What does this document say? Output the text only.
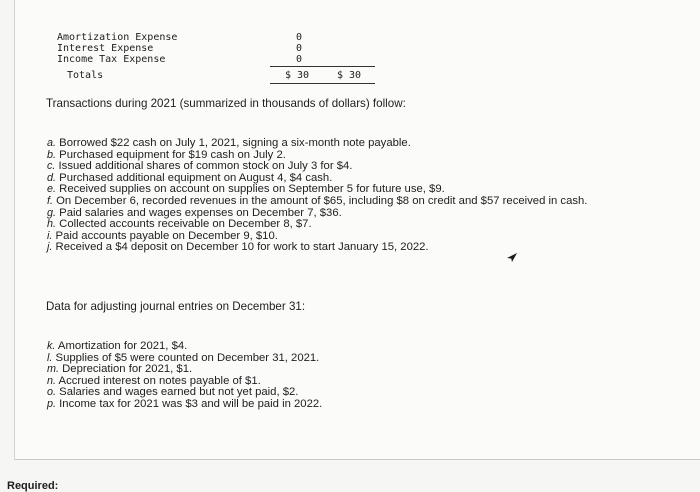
Amortization Expense	0
Interest Expense	0
Income Tax Expense	0
Totals	$ 30	$ 30
Transactions during 2021 (summarized in thousands of dollars) follow:
a. Borrowed $22 cash on July 1, 2021, signing a six-month note payable.
b. Purchased equipment for $19 cash on July 2.
c. Issued additional shares of common stock on July 3 for $4.
d. Purchased additional equipment on August 4, $4 cash.
e. Received supplies on account on supplies on September 5 for future use, $9.
f. On December 6, recorded revenues in the amount of $65, including $8 on credit and $57 received in cash.
g. Paid salaries and wages expenses on December 7, $36.
h. Collected accounts receivable on December 8, $7.
i. Paid accounts payable on December 9, $10.
j. Received a $4 deposit on December 10 for work to start January 15, 2022.
Data for adjusting journal entries on December 31:
k. Amortization for 2021, $4.
l. Supplies of $5 were counted on December 31, 2021.
m. Depreciation for 2021, $1.
n. Accrued interest on notes payable of $1.
o. Salaries and wages earned but not yet paid, $2.
p. Income tax for 2021 was $3 and will be paid in 2022.
Required:
